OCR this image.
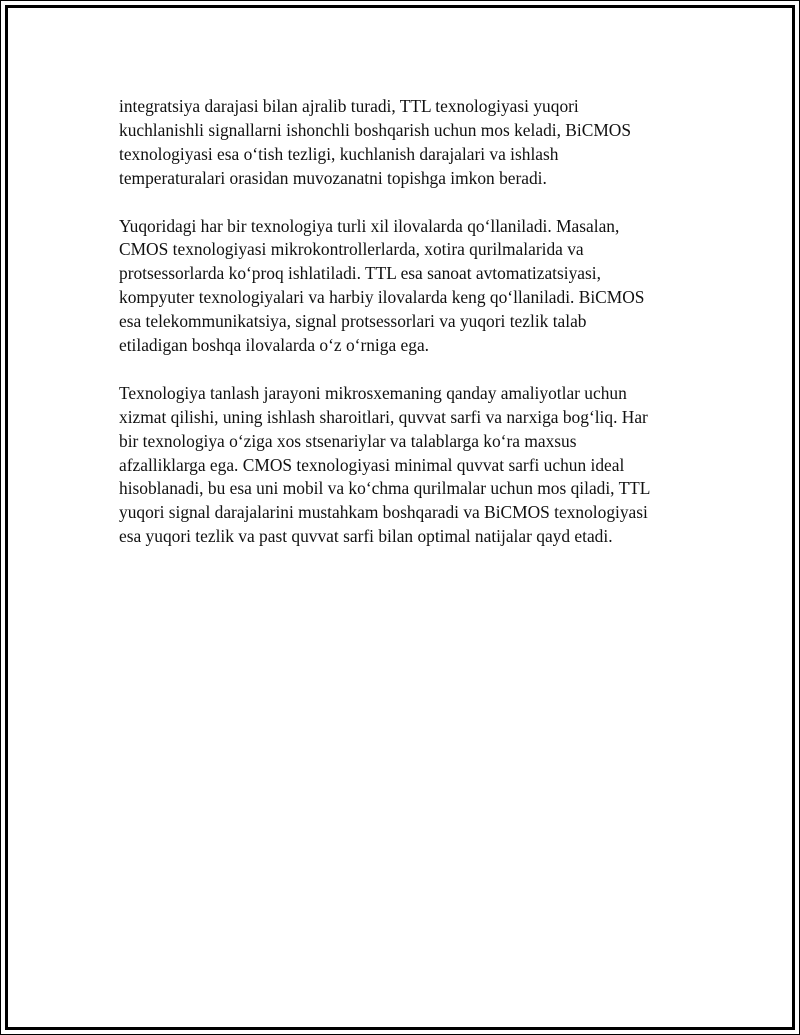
integratsiya darajasi bilan ajralib turadi, TTL texnologiyasi yuqori
kuchlanishli signallarni ishonchli boshqarish uchun mos keladi, BiCMOS
texnologiyasi esa o‘tish tezligi, kuchlanish darajalari va ishlash
temperaturalari orasidan muvozanatni topishga imkon beradi.

Yuqoridagi har bir texnologiya turli xil ilovalarda qo‘llaniladi. Masalan,
CMOS texnologiyasi mikrokontrollerlarda, xotira qurilmalarida va
protsessorlarda ko‘proq ishlatiladi. TTL esa sanoat avtomatizatsiyasi,
kompyuter texnologiyalari va harbiy ilovalarda keng qo‘llaniladi. BiCMOS
esa telekommunikatsiya, signal protsessorlari va yuqori tezlik talab
etiladigan boshqa ilovalarda o‘z o‘rniga ega.

Texnologiya tanlash jarayoni mikrosxemaning qanday amaliyotlar uchun
xizmat qilishi, uning ishlash sharoitlari, quvvat sarfi va narxiga bog‘liq. Har
bir texnologiya o‘ziga xos stsenariylar va talablarga ko‘ra maxsus
afzalliklarga ega. CMOS texnologiyasi minimal quvvat sarfi uchun ideal
hisoblanadi, bu esa uni mobil va ko‘chma qurilmalar uchun mos qiladi, TTL
yuqori signal darajalarini mustahkam boshqaradi va BiCMOS texnologiyasi
esa yuqori tezlik va past quvvat sarfi bilan optimal natijalar qayd etadi.
